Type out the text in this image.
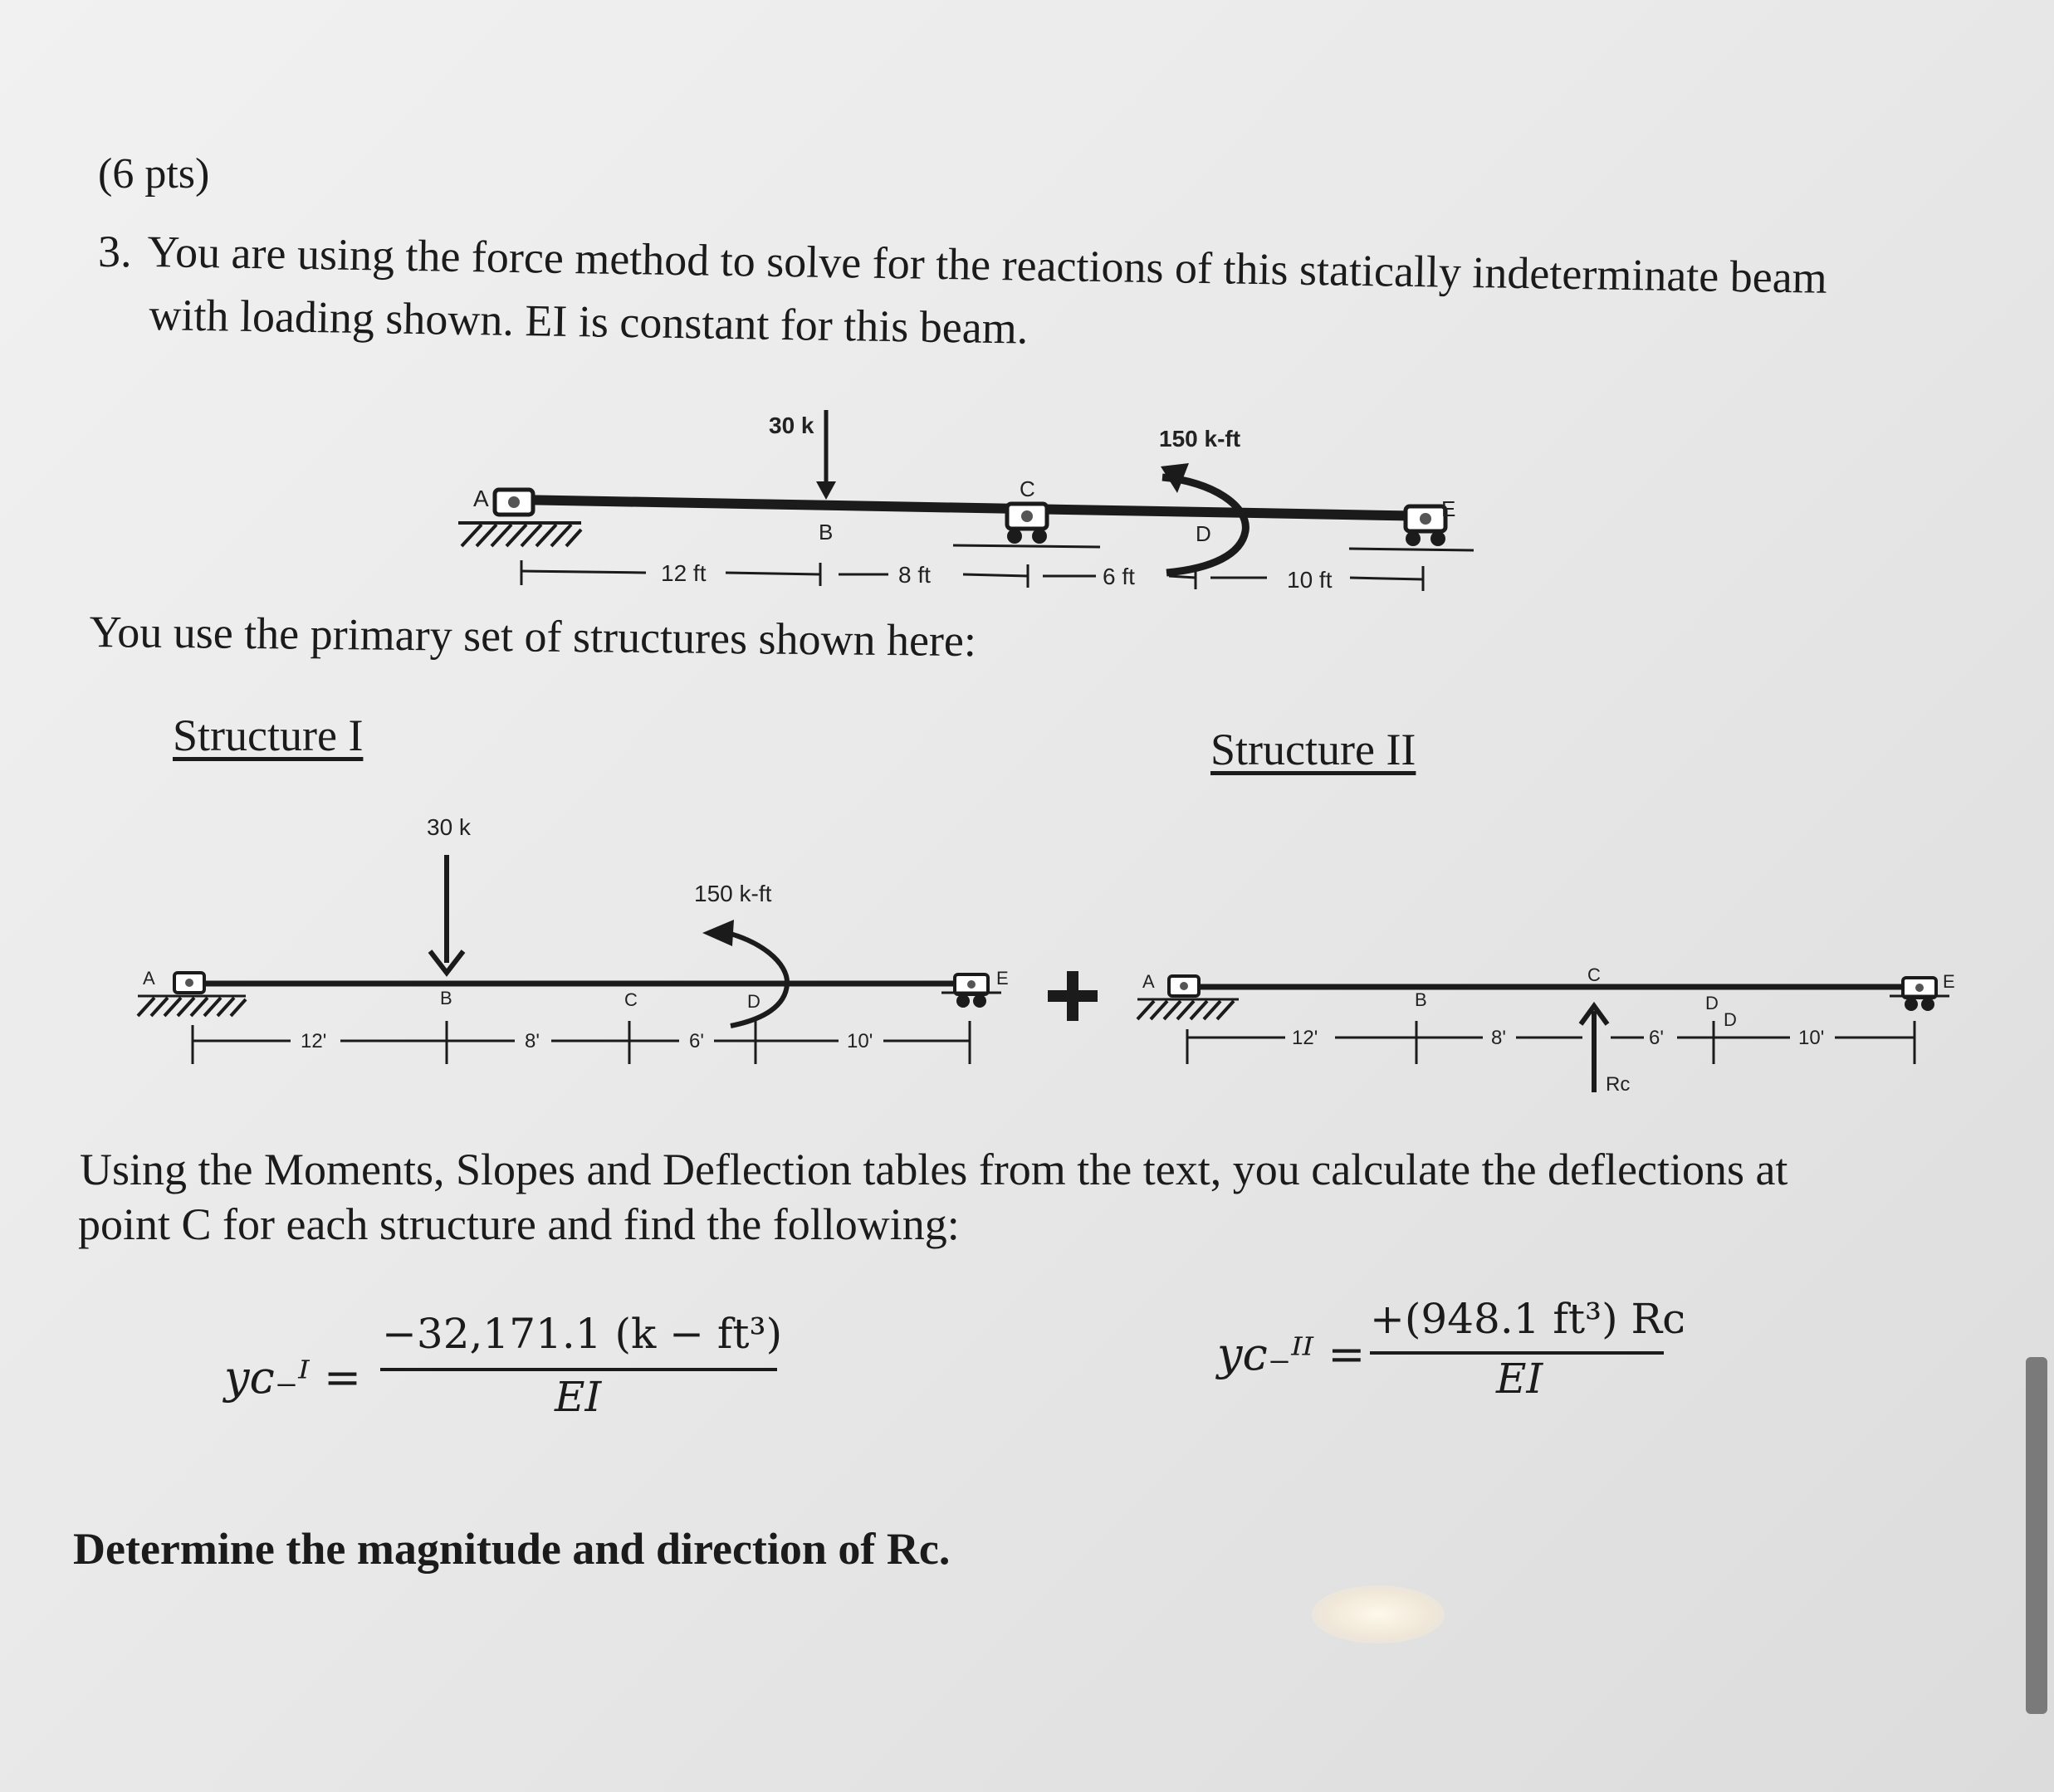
(6 pts)
3. You are using the force method to solve for the reactions of this statically indeterminate beam
with loading shown. EI is constant for this beam.
30 k
150 k-ft
A
B
C
D
E
12 ft	8 ft	6 ft	10 ft
You use the primary set of structures shown here:
Structure I	Structure II
30 k
150 k-ft
A
B	C	D
E
12'	8'	6'	10'
Rc
A
B
C
D
D
E
12'	8'	6'	10'
Using the Moments, Slopes and Deflection tables from the text, you calculate the deflections at
point C for each structure and find the following:
yᴄ₋ᴵ =
−32,171.1 (k − ft³)
EI
yᴄ₋ᴵᴵ =
+(948.1 ft³) Rᴄ
EI
Determine the magnitude and direction of Rc.
